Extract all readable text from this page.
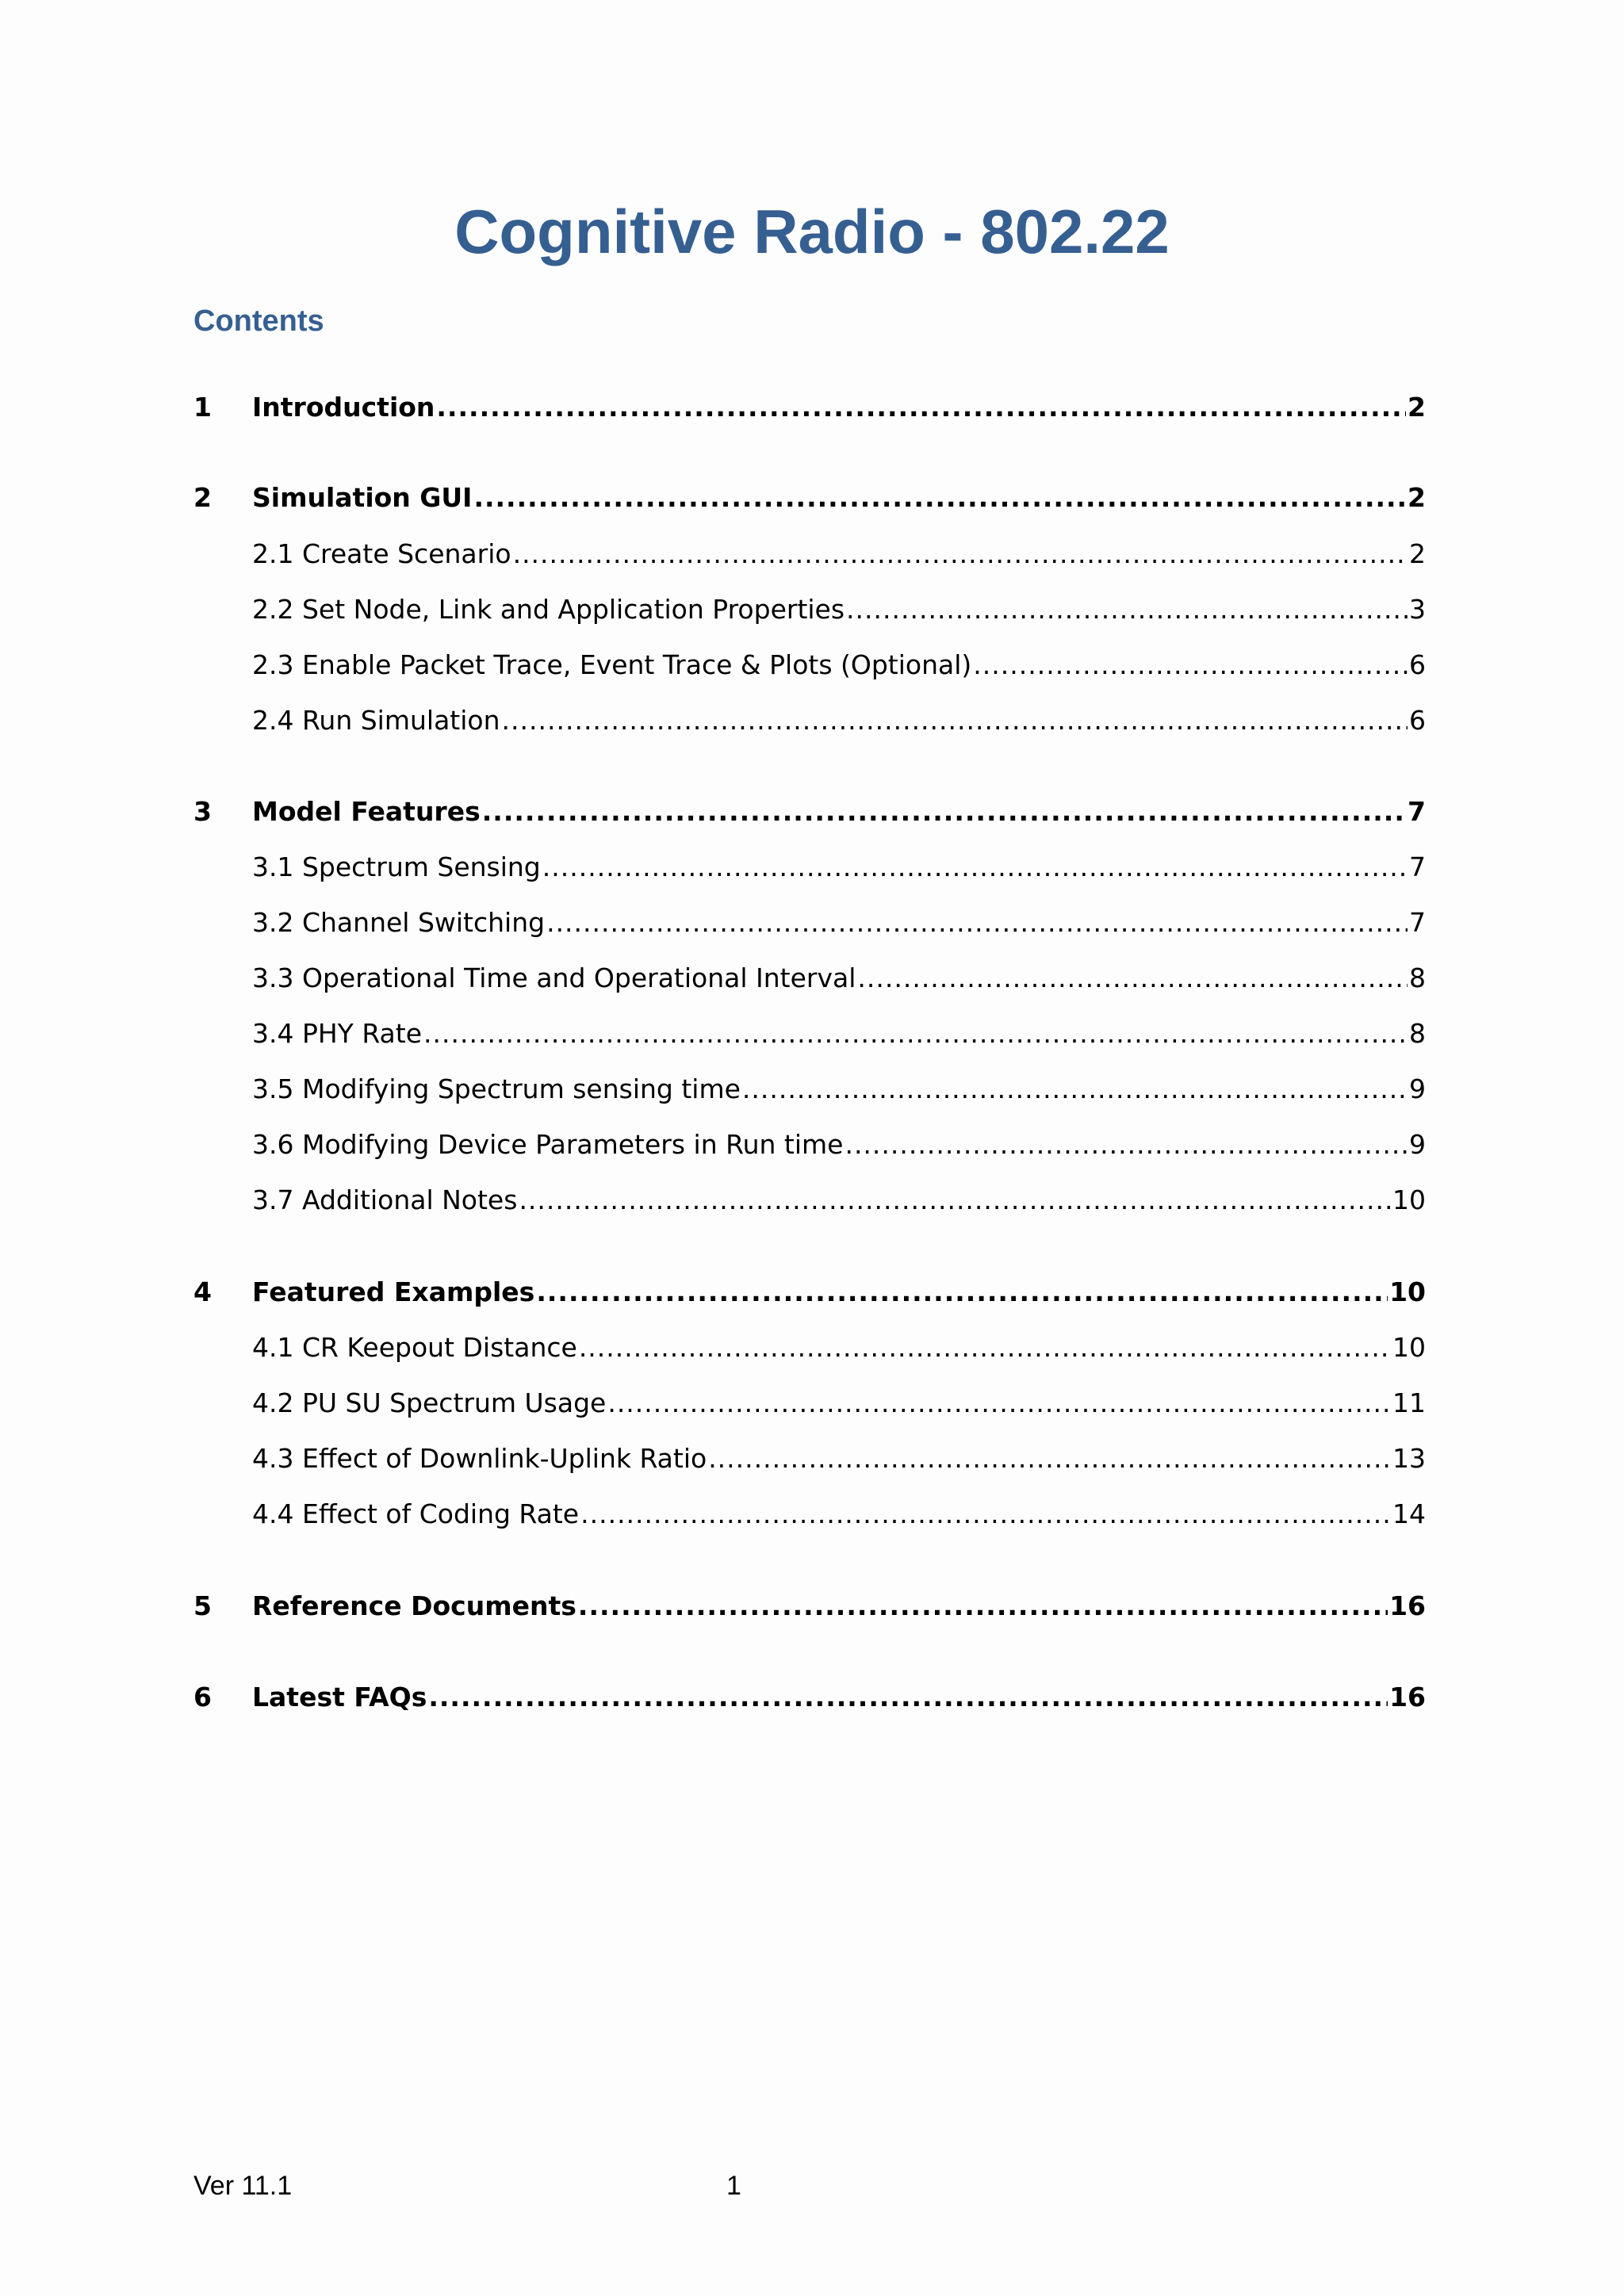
Cognitive Radio - 802.22
Contents
1	Introduction .....	2
2	Simulation GUI .....	2
2.1 Create Scenario .....	2
2.2 Set Node, Link and Application Properties .....	3
2.3 Enable Packet Trace, Event Trace & Plots (Optional) .....	6
2.4 Run Simulation .....	6
3	Model Features .....	7
3.1 Spectrum Sensing .....	7
3.2 Channel Switching .....	7
3.3 Operational Time and Operational Interval .....	8
3.4 PHY Rate .....	8
3.5 Modifying Spectrum sensing time .....	9
3.6 Modifying Device Parameters in Run time .....	9
3.7 Additional Notes .....	10
4	Featured Examples .....	10
4.1 CR Keepout Distance .....	10
4.2 PU SU Spectrum Usage .....	11
4.3 Effect of Downlink-Uplink Ratio .....	13
4.4 Effect of Coding Rate .....	14
5	Reference Documents .....	16
6	Latest FAQs .....	16

Ver 11.1	1
